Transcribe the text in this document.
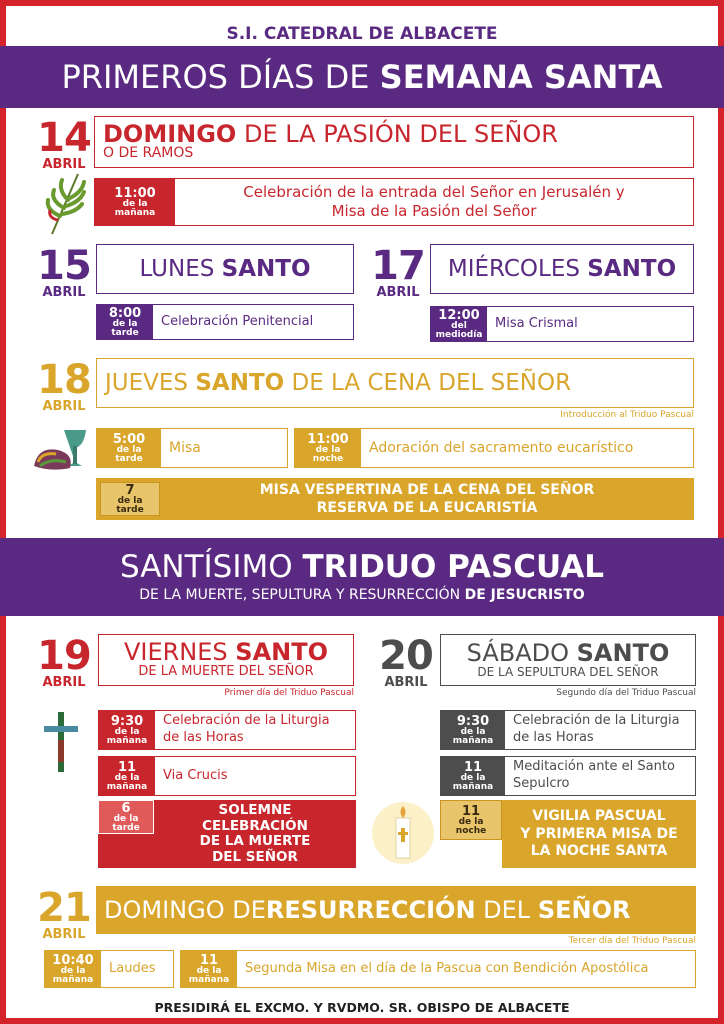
S.I. CATEDRAL DE ALBACETE
PRIMEROS DÍAS DE SEMANA SANTA
14
ABRIL
DOMINGO DE LA PASIÓN DEL SEÑOR
O DE RAMOS
11:00
de la
mañana
Celebración de la entrada del Señor en Jerusalén y
Misa de la Pasión del Señor
15
ABRIL
LUNES SANTO
8:00
de la
tarde
Celebración Penitencial
17
ABRIL
MIÉRCOLES SANTO
12:00
del
mediodía
Misa Crismal
18
ABRIL
JUEVES SANTO DE LA CENA DEL SEÑOR
Introducción al Triduo Pascual
5:00
de la
tarde
Misa
11:00
de la
noche
Adoración del sacramento eucarístico
7
de la
tarde
MISA VESPERTINA DE LA CENA DEL SEÑOR
RESERVA DE LA EUCARISTÍA
SANTÍSIMO TRIDUO PASCUAL
DE LA MUERTE, SEPULTURA Y RESURRECCIÓN DE JESUCRISTO
19
ABRIL
VIERNES SANTO
DE LA MUERTE DEL SEÑOR
Primer día del Triduo Pascual
9:30
de la
mañana
Celebración de la Liturgia
de las Horas
11
de la
mañana
Via Crucis
6
de la
tarde
SOLEMNE
CELEBRACIÓN
DE LA MUERTE
DEL SEÑOR
20
ABRIL
SÁBADO SANTO
DE LA SEPULTURA DEL SEÑOR
Segundo día del Triduo Pascual
9:30
de la
mañana
Celebración de la Liturgia
de las Horas
11
de la
mañana
Meditación ante el Santo
Sepulcro
11
de la
noche
VIGILIA PASCUAL
Y PRIMERA MISA DE
LA NOCHE SANTA
21
ABRIL
DOMINGO DE RESURRECCIÓN DEL SEÑOR
Tercer día del Triduo Pascual
10:40
de la
mañana
Laudes
11
de la
mañana
Segunda Misa en el día de la Pascua con Bendición Apostólica
PRESIDIRÁ EL EXCMO. Y RVDMO. SR. OBISPO DE ALBACETE
